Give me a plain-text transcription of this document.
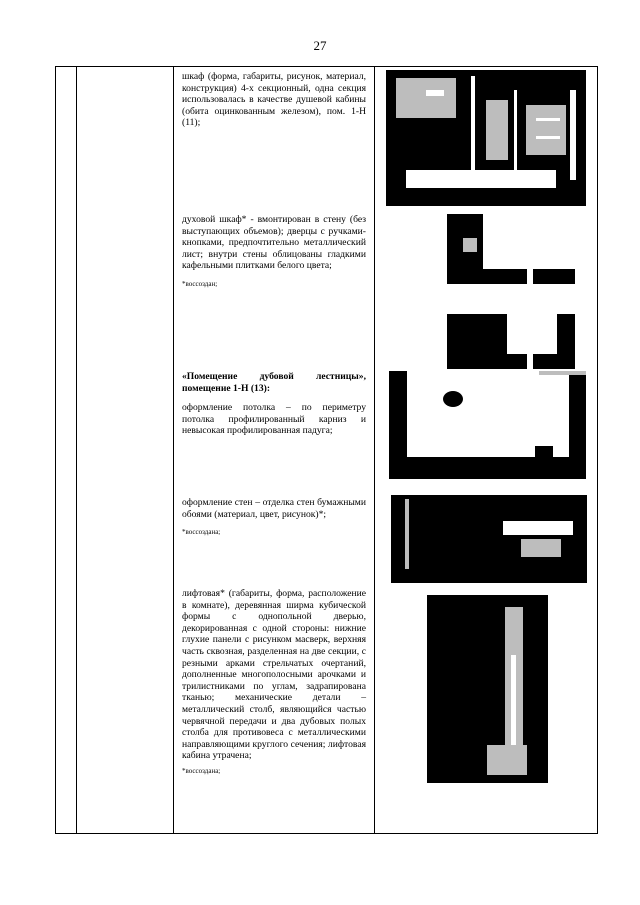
27

шкаф (форма, габариты, рисунок, материал, конструкция) 4-х секционный, одна секция использовалась в качестве душевой кабины (обита оцинкованным железом), пом. 1-Н (11);

духовой шкаф* - вмонтирован в стену (без выступающих объемов); дверцы с ручками-кнопками, предпочтительно металлический лист; внутри стены облицованы гладкими кафельными плитками белого цвета;

*воссоздан;

«Помещение дубовой лестницы», помещение 1-Н (13):

оформление потолка – по периметру потолка профилированный карниз и невысокая профилированная падуга;

оформление стен – отделка стен бумажными обоями (материал, цвет, рисунок)*;

*воссоздана;

лифтовая* (габариты, форма, расположение в комнате), деревянная ширма кубической формы с однопольной дверью, декорированная с одной стороны: нижние глухие панели с рисунком масверк, верхняя часть сквозная, разделенная на две секции, с резными арками стрельчатых очертаний, дополненные многополосными арочками и трилистниками по углам, задрапирована тканью; механические детали – металлический столб, являющийся частью червячной передачи и два дубовых полых столба для противовеса с металлическими направляющими круглого сечения; лифтовая кабина утрачена;

*воссоздана;
